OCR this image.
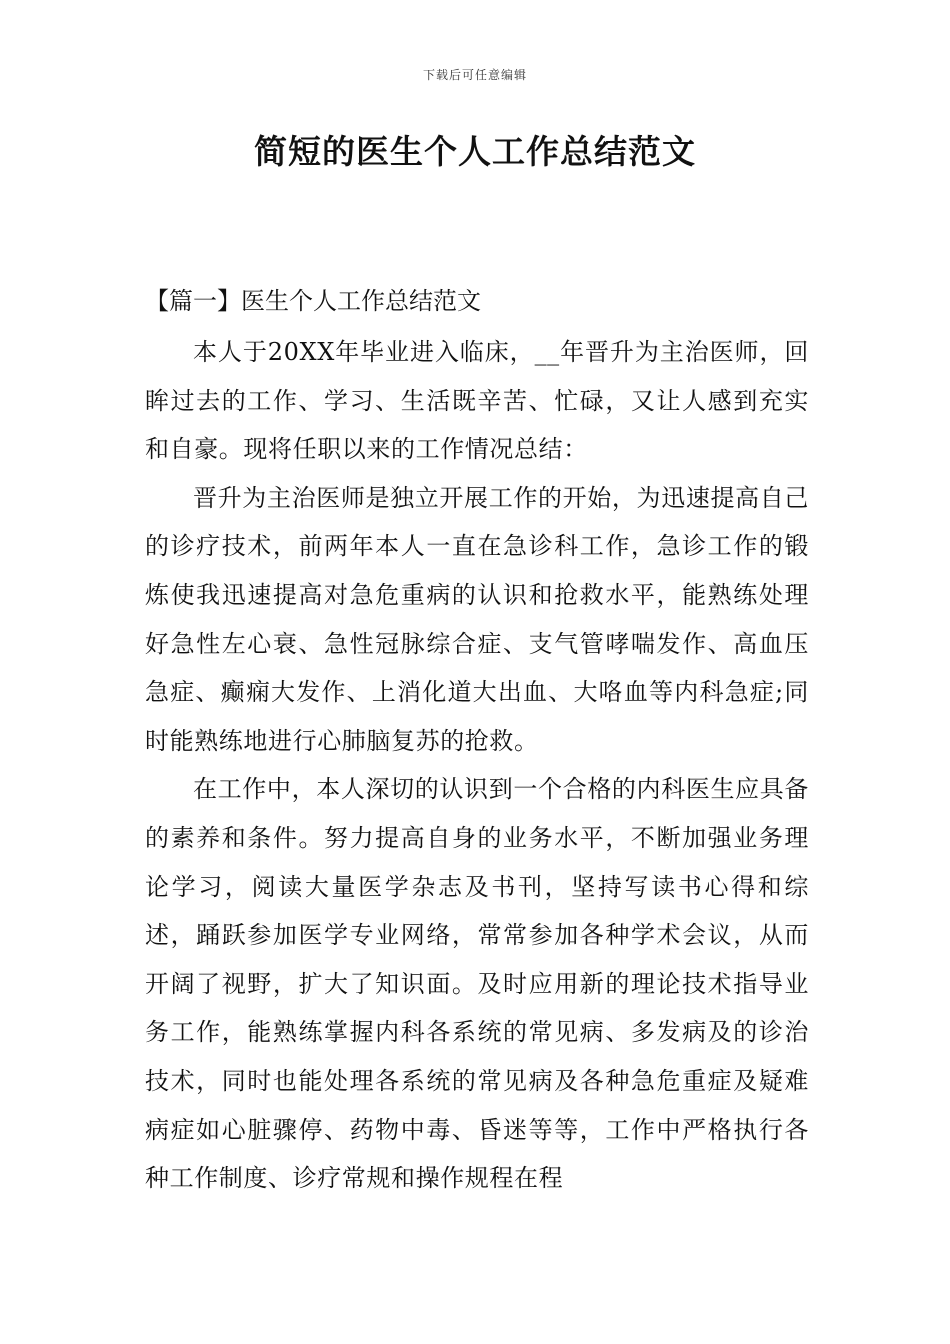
下载后可任意编辑
简短的医生个人工作总结范文
【篇一】医生个人工作总结范文

本人于20XX年毕业进入临床，__年晋升为主治医师，回眸过去的工作、学习、生活既辛苦、忙碌，又让人感到充实和自豪。现将任职以来的工作情况总结：

晋升为主治医师是独立开展工作的开始，为迅速提高自己的诊疗技术，前两年本人一直在急诊科工作，急诊工作的锻炼使我迅速提高对急危重病的认识和抢救水平，能熟练处理好急性左心衰、急性冠脉综合症、支气管哮喘发作、高血压急症、癫痫大发作、上消化道大出血、大咯血等内科急症;同时能熟练地进行心肺脑复苏的抢救。

在工作中，本人深切的认识到一个合格的内科医生应具备的素养和条件。努力提高自身的业务水平，不断加强业务理论学习，阅读大量医学杂志及书刊，坚持写读书心得和综述，踊跃参加医学专业网络，常常参加各种学术会议，从而开阔了视野，扩大了知识面。及时应用新的理论技术指导业务工作，能熟练掌握内科各系统的常见病、多发病及的诊治技术，同时也能处理各系统的常见病及各种急危重症及疑难病症如心脏骤停、药物中毒、昏迷等等，工作中严格执行各种工作制度、诊疗常规和操作规程在程
